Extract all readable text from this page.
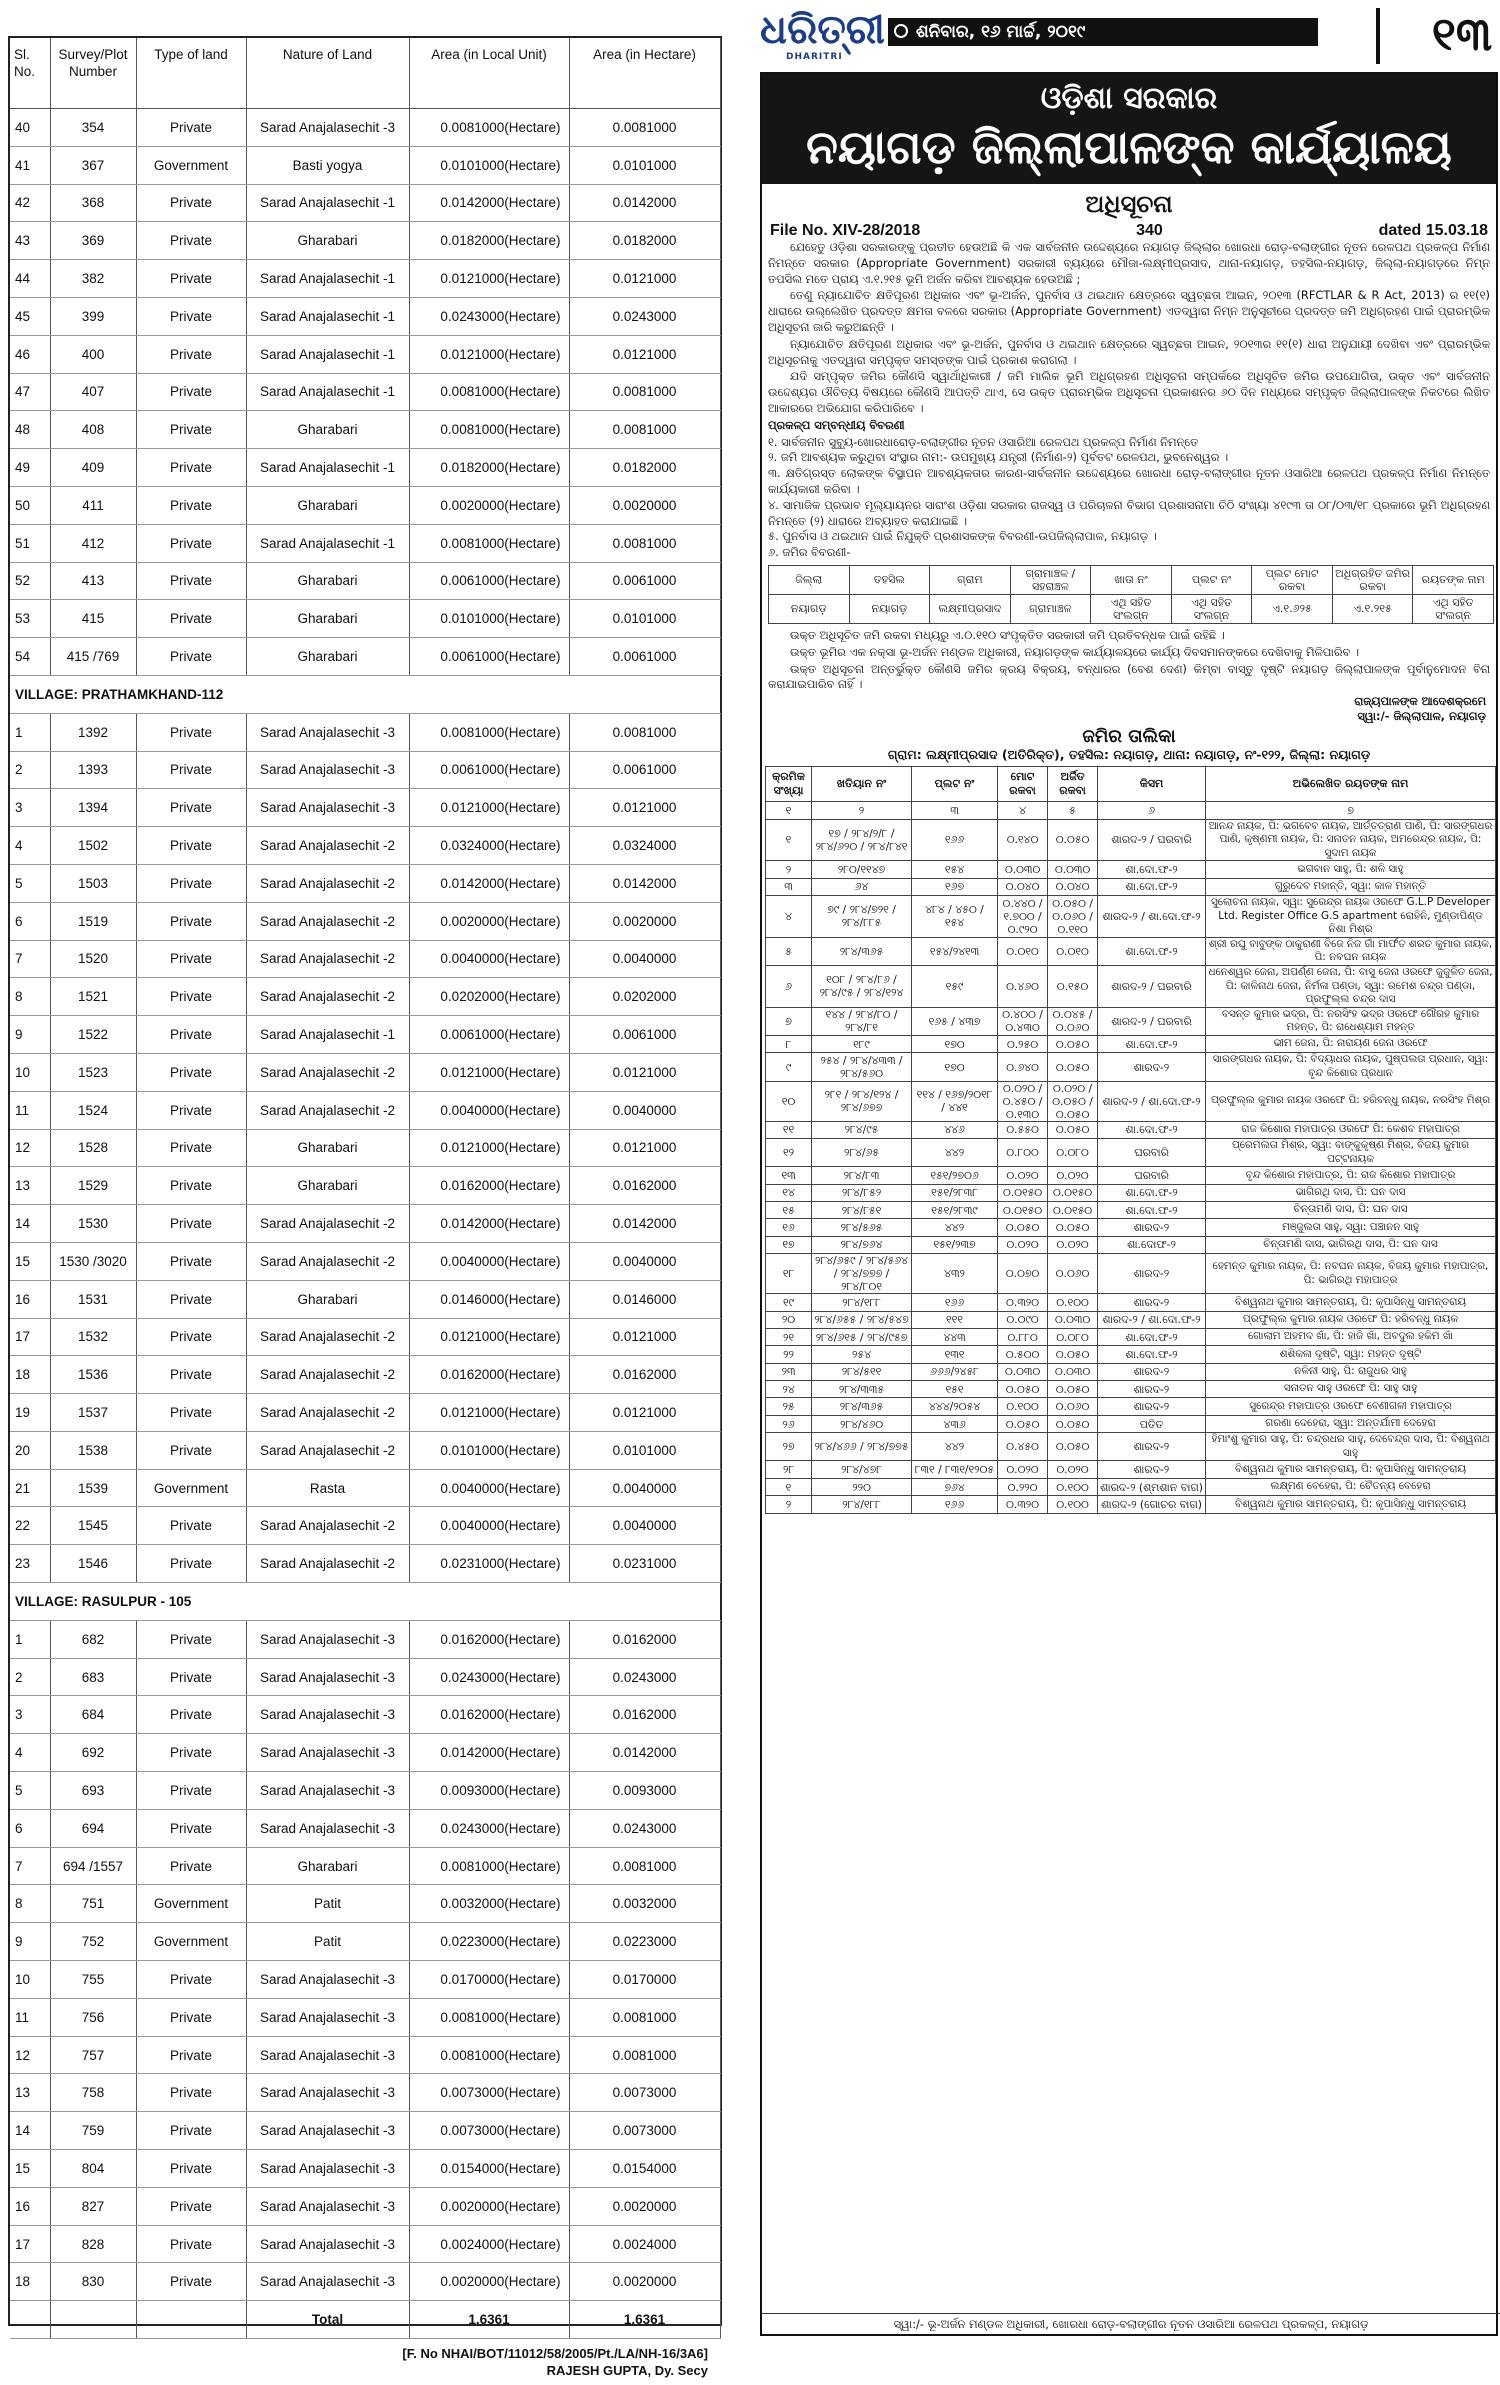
Sl. No.	Survey/Plot Number	Type of land	Nature of Land	Area (in Local Unit)	Area (in Hectare)
40	354	Private	Sarad Anajalasechit -3	0.0081000(Hectare)	0.0081000
41	367	Government	Basti yogya	0.0101000(Hectare)	0.0101000
42	368	Private	Sarad Anajalasechit -1	0.0142000(Hectare)	0.0142000
43	369	Private	Gharabari	0.0182000(Hectare)	0.0182000
44	382	Private	Sarad Anajalasechit -1	0.0121000(Hectare)	0.0121000
45	399	Private	Sarad Anajalasechit -1	0.0243000(Hectare)	0.0243000
46	400	Private	Sarad Anajalasechit -1	0.0121000(Hectare)	0.0121000
47	407	Private	Sarad Anajalasechit -1	0.0081000(Hectare)	0.0081000
48	408	Private	Gharabari	0.0081000(Hectare)	0.0081000
49	409	Private	Sarad Anajalasechit -1	0.0182000(Hectare)	0.0182000
50	411	Private	Gharabari	0.0020000(Hectare)	0.0020000
51	412	Private	Sarad Anajalasechit -1	0.0081000(Hectare)	0.0081000
52	413	Private	Gharabari	0.0061000(Hectare)	0.0061000
53	415	Private	Gharabari	0.0101000(Hectare)	0.0101000
54	415 /769	Private	Gharabari	0.0061000(Hectare)	0.0061000
VILLAGE: PRATHAMKHAND-112					
1	1392	Private	Sarad Anajalasechit -3	0.0081000(Hectare)	0.0081000
2	1393	Private	Sarad Anajalasechit -3	0.0061000(Hectare)	0.0061000
3	1394	Private	Sarad Anajalasechit -3	0.0121000(Hectare)	0.0121000
4	1502	Private	Sarad Anajalasechit -2	0.0324000(Hectare)	0.0324000
5	1503	Private	Sarad Anajalasechit -2	0.0142000(Hectare)	0.0142000
6	1519	Private	Sarad Anajalasechit -2	0.0020000(Hectare)	0.0020000
7	1520	Private	Sarad Anajalasechit -2	0.0040000(Hectare)	0.0040000
8	1521	Private	Sarad Anajalasechit -2	0.0202000(Hectare)	0.0202000
9	1522	Private	Sarad Anajalasechit -1	0.0061000(Hectare)	0.0061000
10	1523	Private	Sarad Anajalasechit -2	0.0121000(Hectare)	0.0121000
11	1524	Private	Sarad Anajalasechit -2	0.0040000(Hectare)	0.0040000
12	1528	Private	Gharabari	0.0121000(Hectare)	0.0121000
13	1529	Private	Gharabari	0.0162000(Hectare)	0.0162000
14	1530	Private	Sarad Anajalasechit -2	0.0142000(Hectare)	0.0142000
15	1530 /3020	Private	Sarad Anajalasechit -2	0.0040000(Hectare)	0.0040000
16	1531	Private	Gharabari	0.0146000(Hectare)	0.0146000
17	1532	Private	Sarad Anajalasechit -2	0.0121000(Hectare)	0.0121000
18	1536	Private	Sarad Anajalasechit -2	0.0162000(Hectare)	0.0162000
19	1537	Private	Sarad Anajalasechit -2	0.0121000(Hectare)	0.0121000
20	1538	Private	Sarad Anajalasechit -2	0.0101000(Hectare)	0.0101000
21	1539	Government	Rasta	0.0040000(Hectare)	0.0040000
22	1545	Private	Sarad Anajalasechit -2	0.0040000(Hectare)	0.0040000
23	1546	Private	Sarad Anajalasechit -2	0.0231000(Hectare)	0.0231000
VILLAGE: RASULPUR - 105					
1	682	Private	Sarad Anajalasechit -3	0.0162000(Hectare)	0.0162000
2	683	Private	Sarad Anajalasechit -3	0.0243000(Hectare)	0.0243000
3	684	Private	Sarad Anajalasechit -3	0.0162000(Hectare)	0.0162000
4	692	Private	Sarad Anajalasechit -3	0.0142000(Hectare)	0.0142000
5	693	Private	Sarad Anajalasechit -3	0.0093000(Hectare)	0.0093000
6	694	Private	Sarad Anajalasechit -3	0.0243000(Hectare)	0.0243000
7	694 /1557	Private	Gharabari	0.0081000(Hectare)	0.0081000
8	751	Government	Patit	0.0032000(Hectare)	0.0032000
9	752	Government	Patit	0.0223000(Hectare)	0.0223000
10	755	Private	Sarad Anajalasechit -3	0.0170000(Hectare)	0.0170000
11	756	Private	Sarad Anajalasechit -3	0.0081000(Hectare)	0.0081000
12	757	Private	Sarad Anajalasechit -3	0.0081000(Hectare)	0.0081000
13	758	Private	Sarad Anajalasechit -3	0.0073000(Hectare)	0.0073000
14	759	Private	Sarad Anajalasechit -3	0.0073000(Hectare)	0.0073000
15	804	Private	Sarad Anajalasechit -3	0.0154000(Hectare)	0.0154000
16	827	Private	Sarad Anajalasechit -3	0.0020000(Hectare)	0.0020000
17	828	Private	Sarad Anajalasechit -3	0.0024000(Hectare)	0.0024000
18	830	Private	Sarad Anajalasechit -3	0.0020000(Hectare)	0.0020000
			Total	1.6361	1.6361

[F. No NHAI/BOT/11012/58/2005/Pt./LA/NH-16/3A6]
RAJESH GUPTA, Dy. Secy					
ଧରିତ୍ରୀ
DHARITRI
ଶନିବାର, ୧୬ ମାର୍ଚ୍ଚ, ୨୦୧୯	୧୩
ଓଡ଼ିଶା ସରକାର
ନୟାଗଡ଼ ଜିଲ୍ଲାପାଳଙ୍କ କାର୍ଯ୍ୟାଳୟ
ଅଧିସୂଚନା
File No. XIV-28/2018	340	dated 15.03.18

ଯେହେତୁ ଓଡ଼ିଶା ସରକାରଙ୍କୁ ପ୍ରତୀତ ହେଉଅଛି କି ଏକ ସାର୍ବଜନୀନ ଉଦ୍ଦେଶ୍ୟରେ ନୟାଗଡ଼ ଜିଲ୍ଲାର ଖୋରଧା ରୋଡ଼-ବଲାଙ୍ଗୀର ନୂତନ ରେଳପଥ ପ୍ରକଳ୍ପ ନିର୍ମାଣ ନିମନ୍ତେ ସରକାର (Appropriate Government) ସରକାରୀ ବ୍ୟୟରେ ମୌଜା-ଲକ୍ଷ୍ମୀପ୍ରସାଦ, ଥାନା-ନୟାଗଡ଼, ତହସିଲ-ନୟାଗଡ଼, ଜିଲ୍ଲା-ନୟାଗଡ଼ରେ ନିମ୍ନ ତପସିଲ ମତେ ପ୍ରାୟ ଏ.୧.୨୧୫ ଭୂମି ଅର୍ଜନ କରିବା ଆବଶ୍ୟକ ହେଉଅଛି ;

ତେଣୁ ନ୍ୟାଯୋଚିତ କ୍ଷତିପୂରଣ ଅଧିକାର ଏବଂ ଭୂ-ଅର୍ଜନ, ପୁନର୍ବାସ ଓ ଥଇଥାନ କ୍ଷେତ୍ରରେ ସ୍ୱଚ୍ଛତା ଆଇନ, ୨୦୧୩ (RFCTLAR & R Act, 2013) ର ୧୧(୧) ଧାରାରେ ଉଲ୍ଲେଖିତ ପ୍ରଦତ୍ତ କ୍ଷମତା ବଳରେ ସରକାର (Appropriate Government) ଏତଦ୍ୱାରା ନିମ୍ନ ଅନୁସୂଚୀରେ ପ୍ରଦତ୍ତ ଜମି ଅଧିଗ୍ରହଣ ପାଇଁ ପ୍ରାରମ୍ଭିକ ଅଧିସୂଚନା ଜାରି କରୁଅଛନ୍ତି ।

ନ୍ୟାଯୋଚିତ କ୍ଷତିପୂରଣ ଅଧିକାର ଏବଂ ଭୂ-ଅର୍ଜନ, ପୁନର୍ବାସ ଓ ଥଇଥାନ କ୍ଷେତ୍ରରେ ସ୍ୱଚ୍ଛତା ଆଇନ, ୨୦୧୩ର ୧୧(୧) ଧାରା ଅନୁଯାୟୀ ଦେଖିବା ଏବଂ ପ୍ରାରମ୍ଭିକ ଅଧିସୂଚନାକୁ ଏତଦ୍ୱାରା ସମ୍ପୃକ୍ତ ସମସ୍ତଙ୍କ ପାଇଁ ପ୍ରକାଶ କରାଗଲା ।

ଯଦି ସମ୍ପୃକ୍ତ ଜମିର କୌଣସି ସ୍ୱାର୍ଥାଧିକାରୀ / ଜମି ମାଲିକ ଭୂମି ଅଧିଗ୍ରହଣ ଅଧିସୂଚନା ସମ୍ପର୍କରେ ଅଧିସୂଚିତ ଜମିର ଉପଯୋଗିତା, ଉକ୍ତ ଏବଂ ସାର୍ବଜନୀନ ଉଦ୍ଦେଶ୍ୟର ଔଚିତ୍ୟ ବିଷୟରେ କୌଣସି ଆପତ୍ତି ଥାଏ, ସେ ଉକ୍ତ ପ୍ରାରମ୍ଭିକ ଅଧିସୂଚନା ପ୍ରକାଶନର ୬୦ ଦିନ ମଧ୍ୟରେ ସମ୍ପୃକ୍ତ ଜିଲ୍ଲାପାଳଙ୍କ ନିକଟରେ ଲିଖିତ ଆକାରରେ ଅଭିଯୋଗ କରିପାରିବେ ।

ପ୍ରକଳ୍ପ ସମ୍ବନ୍ଧୀୟ ବିବରଣୀ

୧. ସାର୍ବଜନୀନ ସୁବ୍ୟୁ-ଖୋରଧାରୋଡ଼-ବଲାଙ୍ଗୀର ନୂତନ ଓସାରିଆ ରେଳପଥ ପ୍ରକଳ୍ପ ନିର୍ମାଣ ନିମନ୍ତେ
୨. ଜମି ଆବଶ୍ୟକ କରୁଥିବା ସଂସ୍ଥାର ନାମ:- ଉପମୁଖ୍ୟ ଯନ୍ତ୍ରୀ (ନିର୍ମାଣ-୨) ପୂର୍ବତଟ ରେଳପଥ, ଭୁବନେଶ୍ୱର ।
୩. କ୍ଷତିଗ୍ରସ୍ତ ଲୋକଙ୍କ ବିସ୍ଥାପନ ଆବଶ୍ୟକତାର କାରଣ-ସାର୍ବଜନୀନ ଉଦ୍ଦେଶ୍ୟରେ ଖୋରଧା ରୋଡ଼-ବଲାଙ୍ଗୀର ନୂତନ ଓସାରିଆ ରେଳପଥ ପ୍ରକଳ୍ପ ନିର୍ମାଣ ନିମନ୍ତେ କାର୍ଯ୍ୟକାରୀ କରିବା ।
୪. ସାମାଜିକ ପ୍ରଭାବ ମୂଲ୍ୟାୟନର ସାରାଂଶ ଓଡ଼ିଶା ସରକାର ରାଜସ୍ୱ ଓ ପରିଚାଳନା ବିଭାଗ ପ୍ରଶାସନାମା ଚିଠି ସଂଖ୍ୟା ୪୧୯୩ ତା ୦୮/୦୩/୧୮ ପ୍ରକାରେ ଭୂମି ଅଧିଗ୍ରହଣ ନିମନ୍ତେ (୨) ଧାରାରେ ଅବ୍ୟାହତ କରାଯାଇଛି ।
୫. ପୁନର୍ବାସ ଓ ଥଇଥାନ ପାଇଁ ନିଯୁକ୍ତି ପ୍ରଶାସକଙ୍କ ବିବରଣୀ-ଉପଜିଲ୍ଲାପାଳ, ନୟାଗଡ଼ ।
୬. ଜମିର ବିବରଣୀ-
ଜିଲ୍ଲା	ତହସିଲ	ଗ୍ରାମ	ଗ୍ରାମାଞ୍ଚଳ / ସହରାଞ୍ଚଳ	ଖାତା ନଂ	ପ୍ଲଟ ନଂ	ପ୍ଲଟ ମୋଟ ରକବା	ଅଧିଗ୍ରହିତ ଜମିର ରକବା	ରୟତଙ୍କ ନାମ
ନୟାଗଡ଼	ନୟାଗଡ଼	ଲକ୍ଷ୍ମୀପ୍ରସାଦ	ଗ୍ରାମାଞ୍ଚଳ	ଏଥି ସହିତ ସଂଲଗ୍ନ	ଏଥି ସହିତ ସଂଲଗ୍ନ	ଏ.୧.୬୨୫	ଏ.୧.୨୧୫	ଏଥି ସହିତ ସଂଲଗ୍ନ

ଉକ୍ତ ଅଧିସୂଚିତ ଜମି ରକବା ମଧ୍ୟରୁ ଏ.୦.୧୧୦ ସଂପୃକ୍ତିତ ସରକାରୀ ଜମି ପ୍ରତିବନ୍ଧକ ପାଇଁ ରହିଛି ।

ଉକ୍ତ ଭୂମିର ଏକ ନକ୍ସା ଭୂ-ଅର୍ଜନ ମଣ୍ଡଳ ଅଧିକାରୀ, ନୟାଗଡ଼ଙ୍କ କାର୍ଯ୍ୟାଳୟରେ କାର୍ଯ୍ୟ ଦିବସମାନଙ୍କରେ ଦେଖିବାକୁ ମିଳିପାରିବ ।

ଉକ୍ତ ଅଧିସୂଚନା ଅନ୍ତର୍ଭୁକ୍ତ କୌଣସି ଜମିର କ୍ରୟ ବିକ୍ରୟ, ବନ୍ଧାରର (ବେଶ ଦେଣ) କିମ୍ବା ବାସ୍ତୁ ଦୃଷ୍ଟି ନୟାଗଡ଼ ଜିଲ୍ଲାପାଳଙ୍କ ପୂର୍ବାନୁମୋଦନ ବିନା କରାଯାଇପାରିବ ନାହିଁ ।

ରାଜ୍ୟପାଳଙ୍କ ଆଦେଶକ୍ରମେ
ସ୍ୱା:/- ଜିଲ୍ଲାପାଳ, ନୟାଗଡ଼
ଜମିର ତାଲିକା
ଗ୍ରାମ: ଲକ୍ଷ୍ମୀପ୍ରସାଦ (ଅତିରିକ୍ତ), ତହସିଲ: ନୟାଗଡ଼, ଥାନା: ନୟାଗଡ଼, ନଂ-୧୨୨, ଜିଲ୍ଲା: ନୟାଗଡ଼
କ୍ରମିକ ସଂଖ୍ୟା	ଖତିୟାନ ନଂ	ପ୍ଲଟ ନଂ	ମୋଟ ରକବା	ଅର୍ଜିତ ରକବା	କିସମ	ଅଭିଲେଖିତ ରୟତଙ୍କ ନାମ
୧	୨	୩	୪	୫	୬	୭
୧	୧୭ / ୨୮୪/୨/୮ / ୨୮୪/୬୨୦ / ୨୮୪/୮୪୧	୧୬୬	୦.୧୪୦	୦.୦୫୦	ଶାରଦ-୨ / ଘରବାରି	ଆନନ୍ଦ ନାୟକ, ପି: ଭଗବେବ ନାୟକ, ଆର୍ତ୍ତତ୍ରାଣ ପାଣି, ପି: ସାରଙ୍ଗଧର ପାଣି, କୃଷ୍ଣମୀ ନାୟକ, ପି: ସନାତନ ନାୟକ, ଅମରେନ୍ଦ୍ର ନାୟକ, ପି: ସୁଦାମ ନାୟକ
୨	୨୮୦/୧୧୪୭	୧୫୪	୦.୦୩୦	୦.୦୩୦	ଶା.ଦୋ.ଫ-୨	ଭଗବାନ ସାହୁ, ପି: ଶଳି ସାହୁ
୩	୬୪	୧୬୭	୦.୦୪୦	୦.୦୪୦	ଶା.ଦୋ.ଫ-୨	ଗୁରୁଦେବ ମହାନ୍ତି, ସ୍ୱା: କାଳ ମହାନ୍ତି
୪	୭୯ / ୨୮୪/୭୨୧ / ୨୮୪/୮୮୫	୪୮୪ / ୪୫୦ / ୧୫୪	୦.୪୪୦ / ୧.୭୦୦ / ୦.୯୨୦	୦.୦୫୦ / ୦.୦୬୦ / ୦.୧୧୦	ଶାରଦ-୨ / ଶା.ଦୋ.ଫ-୨	ସୁଲୋଚନା ନାୟକ, ସ୍ୱା: ସୁରେନ୍ଦ୍ର ନାୟକ ଓରଫେ G.L.P Developer Ltd. Register Office G.S apartment ରୋହିନି, ମୁଣ୍ଡାପିଣ୍ଡ ନିଶା ମିଶ୍ର
୫	୨୮୪/୩୬୫	୧୫୪/୨୪୧୩	୦.୦୧୦	୦.୦୧୦	ଶା.ଦୋ.ଫ-୨	ଶ୍ରୀ ରଘୁ ବାବୁଙ୍କ ଠାକୁରାଣୀ ବିଜେ ନିଜ ଗାଁ ମାର୍ଫତ ଶରତ କୁମାର ନାୟକ, ପି: ନବଘନ ନାୟକ
୬	୧୦୮ / ୨୮୪/୮୬ / ୨୮୪/୯୫ / ୨୮୪/୧୨୪	୧୫୯	୦.୪୬୦	୦.୧୫୦	ଶାରଦ-୨ / ଘରବାରି	ଧନେଶ୍ୱର ଜେନା, ଅପର୍ଣ୍ଣ ଜେନା, ପି: ବାସୁ ଜେନା ଓରଫେ ଜୁଜୁଳିତ ଜେନା, ପି: କାଳିନାଥ ଜେନା, ନିର୍ମଳା ପଣ୍ଡା, ସ୍ୱା: ରମେଶ ଚନ୍ଦ୍ର ପଣ୍ଡା, ପ୍ରଫୁଲ୍ଲ ଚନ୍ଦ୍ର ଦାସ
୭	୧୪୪ / ୨୮୪/୮୦ / ୨୮୪/୮୧	୧୬୫ / ୪୩୭	୦.୪୦୦ / ୦.୪୩୦	୦.୦୪୫ / ୦.୦୬୦	ଶାରଦ-୨ / ଘରବାରି	ବସନ୍ତ କୁମାର ଭଦ୍ର, ପି: ନରସିଂହ ଭଦ୍ର ଓରଫେ ଗୌରହ କୁମାର ମହନ୍ତ, ପି: ରାଧେଶ୍ୟାମ ମହନ୍ତ
୮	୧୮୯	୧୭୦	୦.୨୫୦	୦.୦୫୦	ଶା.ଦୋ.ଫ-୨	ଭୀମ ଜେନା, ପି: ନାରାୟଣ ଜେନା ଓରଫେ
୯	୨୫୪ / ୨୮୪/୪୩୩ / ୨୮୪/୫୬୦	୧୭୦	୦.୬୪୦	୦.୦୫୦	ଶାରଦ-୨	ସାରଙ୍ଗଧର ନାୟକ, ପି: ବିଦ୍ୟାଧର ନାୟକ, ପୁଷ୍ପଲତା ପ୍ରଧାନ, ସ୍ୱା: ବୃନ୍ଦ କିଶୋର ପ୍ରଧାନ
୧୦	୨୮୧ / ୨୮୪/୧୨୪ / ୨୮୪/୬୭୭	୧୧୪ / ୧୬୭/୨୦୧୮ / ୪୪୧	୦.୦୨୦ / ୦.୪୫୦ / ୦.୧୩୦	୦.୦୨୦ / ୦.୦୫୦ / ୦.୦୫୦	ଶାରଦ-୨ / ଶା.ଦୋ.ଫ-୨	ପ୍ରଫୁଲ୍ଲ କୁମାର ନାୟକ ଓରଫେ ପି: ହରିବନ୍ଧୁ ନାୟକ, ନରସିଂହ ମିଶ୍ର
୧୧	୨୮୪/୯୫	୪୪୬	୦.୫୫୦	୦.୦୫୦	ଶା.ଦୋ.ଫ-୨	ରାଜ କିଶୋର ମହାପାତ୍ର ଓରଫେ ପି: କେଶବ ମହାପାତ୍ର
୧୨	୨୮୪/୬୫	୪୪୨	୦.୮୦୦	୦.୦୮୦	ଘରବାରି	ପ୍ରେମଲତା ମିଶ୍ର, ସ୍ୱା: ବାଙ୍କୁକୃଷ୍ଣ ମିଶ୍ର, ବିଜୟ କୁମାର ପଟ୍ଟନାୟକ
୧୩	୨୮୪/୮୩	୧୫୧/୨୭୦୬	୦.୦୨୦	୦.୦୨୦	ଘରବାରି	ବୃନ୍ଦ କିଶୋର ମହାପାତ୍ର, ପି: ରାଜ କିଶୋର ମହାପାତ୍ର
୧୪	୨୮୪/୮୫୨	୧୫୧/୨୮୩୮	୦.୦୧୫୦	୦.୦୧୫୦	ଶା.ଦୋ.ଫ-୨	ଭାଗିରଥି ଦାସ, ପି: ଘନ ଦାସ
୧୫	୨୮୪/୮୫୧	୧୫୧/୨୮୩୯	୦.୦୧୫୦	୦.୦୧୫୦	ଶା.ଦୋ.ଫ-୨	ଚିନ୍ତାମଣି ଦାସ, ପି: ଘନ ଦାସ
୧୬	୨୮୪/୫୬୫	୪୪୨	୦.୦୫୦	୦.୦୫୦	ଶାରଦ-୨	ମଞ୍ଜୁଲତା ସାହୁ, ସ୍ୱା: ପଞ୍ଚାନନ ସାହୁ
୧୭	୨୮୪/୭୬୪	୧୫୧/୨୩୭	୦.୦୨୦	୦.୦୨୦	ଶା.ଦୋଫ-୨	ଚିନ୍ତାମଣି ଦାସ, ଭାଗିରଥି ଦାସ, ପି: ଘନ ଦାସ
୧୮	୨୮୪/୬୫୯ / ୨୮୪/୫୬୪ / ୨୮୪/୭୭୭ / ୨୮୪/୮୦୧	୪୩୨	୦.୦୭୦	୦.୦୬୦	ଶାରଦ-୨	ହେମନ୍ତ କୁମାର ନାୟକ, ପି: ନବଘନ ନାୟକ, ବିଜୟ କୁମାର ମହାପାତ୍ର, ପି: ଭାଗିରଥି ମହାପାତ୍ର
୧୯	୨୮୪/୧୮୮	୧୬୬	୦.୩୨୦	୦.୧୦୦	ଶାରଦ-୨	ବିଶ୍ୱନାଥ କୁମାର ସାମନ୍ତରାୟ, ପି: କୃପାସିନ୍ଧୁ ସାମନ୍ତରାୟ
୨୦	୨୮୪/୬୫୫ / ୨୮୪/୫୪୭	୧୧୧	୦.୦୯୦	୦.୦୩୦	ଶାରଦ-୨ / ଶା.ଦୋ.ଫ-୨	ପ୍ରଫୁଲ୍ଲ କୁମାର ନାୟକ ଓରଫେ ପି: ହରିବନ୍ଧୁ ନାୟକ
୨୧	୨୮୪/୬୧୫ / ୨୮୪/୯୫୭	୪୪୩	୦.୮୮୦	୦.୦୮୦	ଶା.ଦୋ.ଫ-୨	ଗୋଲାମ ଅହମଦ ଖାଁ, ପି: ହାଜି ଖାଁ, ଅବଦୁଲ ହକିମ ଖାଁ
୨୨	୨୫୪	୧୩୧	୦.୫୦୦	୦.୦୫୦	ଶା.ଦୋ.ଫ-୨	ଶଶିକଳା ଦୃଷ୍ଟି, ସ୍ୱା: ମହନ୍ତ ଦୃଷ୍ଟି
୨୩	୨୮୪/୫୧୧	୬୬୬/୨୪୫୮	୦.୦୩୦	୦.୦୩୦	ଶାରଦ-୨	ନଳିନୀ ସାହୁ, ପି: ରାଜୁଧର ସାହୁ
୨୪	୨୮୪/୩୩୫	୧୫୧	୦.୦୫୦	୦.୦୫୦	ଶାରଦ-୨	ସନାତନ ସାହୁ ଓରଫେ ପି: ସାହୁ ସାହୁ
୨୫	୨୮୪/୩୬୫	୪୪୪/୨୦୫୪	୦.୧୦୦	୦.୦୬୦	ଶାରଦ-୨	ସୁରେନ୍ଦ୍ର ମହାପାତ୍ର ଓରଫେ ବେଣୀଗଳୀ ମହାପାତ୍ର
୨୬	୨୮୪/୪୬୦	୪୩୬	୦.୦୫୦	୦.୦୫୦	ପତିତ	ଗରଣା ଦେହେରା, ସ୍ୱା: ଅନ୍ତର୍ଯାମୀ ଦେହେରା
୨୭	୨୮୪/୪୬୬ / ୨୮୪/୭୭୫	୪୪୨	୦.୪୫୦	୦.୦୫୦	ଶାରଦ-୨	ହିମାଂଶୁ କୁମାର ସାହୁ, ପି: ଚନ୍ଦ୍ରଧର ସାହୁ, ଦେବେନ୍ଦ୍ର ଦାସ, ପି: ବିଶ୍ୱନାଥ ସାହୁ
୨୮	୨୮୪/୪୭୮	୮୩୧ / ୮୩୧/୧୨୦୫	୦.୦୨୦	୦.୦୨୦	ଶାରଦ-୨	ବିଶ୍ୱନାଥ କୁମାର ସାମନ୍ତରାୟ, ପି: କୃପାସିନ୍ଧୁ ସାମନ୍ତରାୟ
୧	୨୨୦	୭୬୪	୦.୨୨୦	୦.୧୦୦	ଶାରଦ-୨ (ଶ୍ମଶାନ ବାଗ)	ଲକ୍ଷ୍ମଣ ବେହେରା, ପି: ଚୈତନ୍ୟ ବେହେରା
୨	୨୮୪/୧୮୮	୧୬୬	୦.୩୨୦	୦.୧୦୦	ଶାରଦ-୨ (ଗୋଚର ବାଗ)	ବିଶ୍ୱନାଥ କୁମାର ସାମନ୍ତରାୟ, ପି: କୃପାସିନ୍ଧୁ ସାମନ୍ତରାୟ
ସ୍ୱା:/- ଭୂ-ଅର୍ଜନ ମଣ୍ଡଳ ଅଧିକାରୀ, ଖୋରଧା ରୋଡ଼-ବଲାଙ୍ଗୀର ନୂତନ ଓସାରିଆ ରେଳପଥ ପ୍ରକଳ୍ପ, ନୟାଗଡ଼
